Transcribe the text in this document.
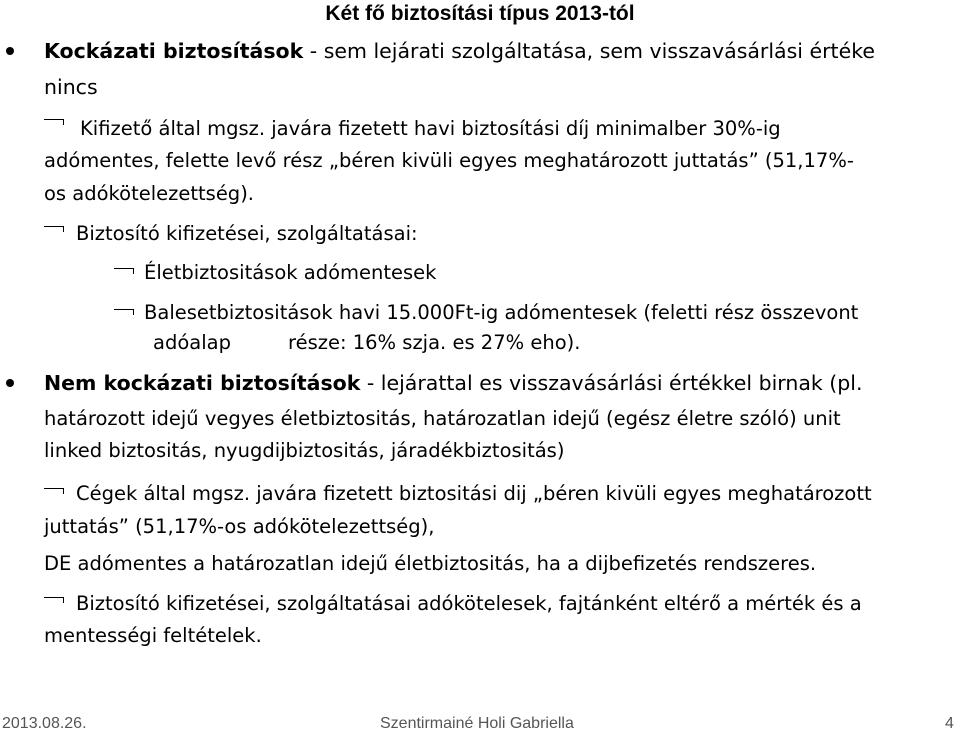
Két fő biztosítási típus 2013-tól
Kockázati biztosítások - sem lejárati szolgáltatása, sem visszavásárlási értéke
nincs
Kifizető által mgsz. javára fizetett havi biztosítási díj minimalber 30%-ig
adómentes, felette levő rész „béren kivüli egyes meghatározott juttatás” (51,17%-
os adókötelezettség).
Biztosító kifizetései, szolgáltatásai:
Életbiztositások adómentesek
Balesetbiztositások havi 15.000Ft-ig adómentesek (feletti rész összevont
adóalap	része: 16% szja. es 27% eho).
Nem kockázati biztosítások - lejárattal es visszavásárlási értékkel birnak (pl.
határozott idejű vegyes életbiztositás, határozatlan idejű (egész életre szóló) unit
linked biztositás, nyugdijbiztositás, járadékbiztositás)
Cégek által mgsz. javára fizetett biztositási dij „béren kivüli egyes meghatározott
juttatás” (51,17%-os adókötelezettség),
DE adómentes a határozatlan idejű életbiztositás, ha a dijbefizetés rendszeres.
Biztosító kifizetései, szolgáltatásai adókötelesek, fajtánként eltérő a mérték és a
mentességi feltételek.
2013.08.26.	Szentirmainé Holi Gabriella	4
